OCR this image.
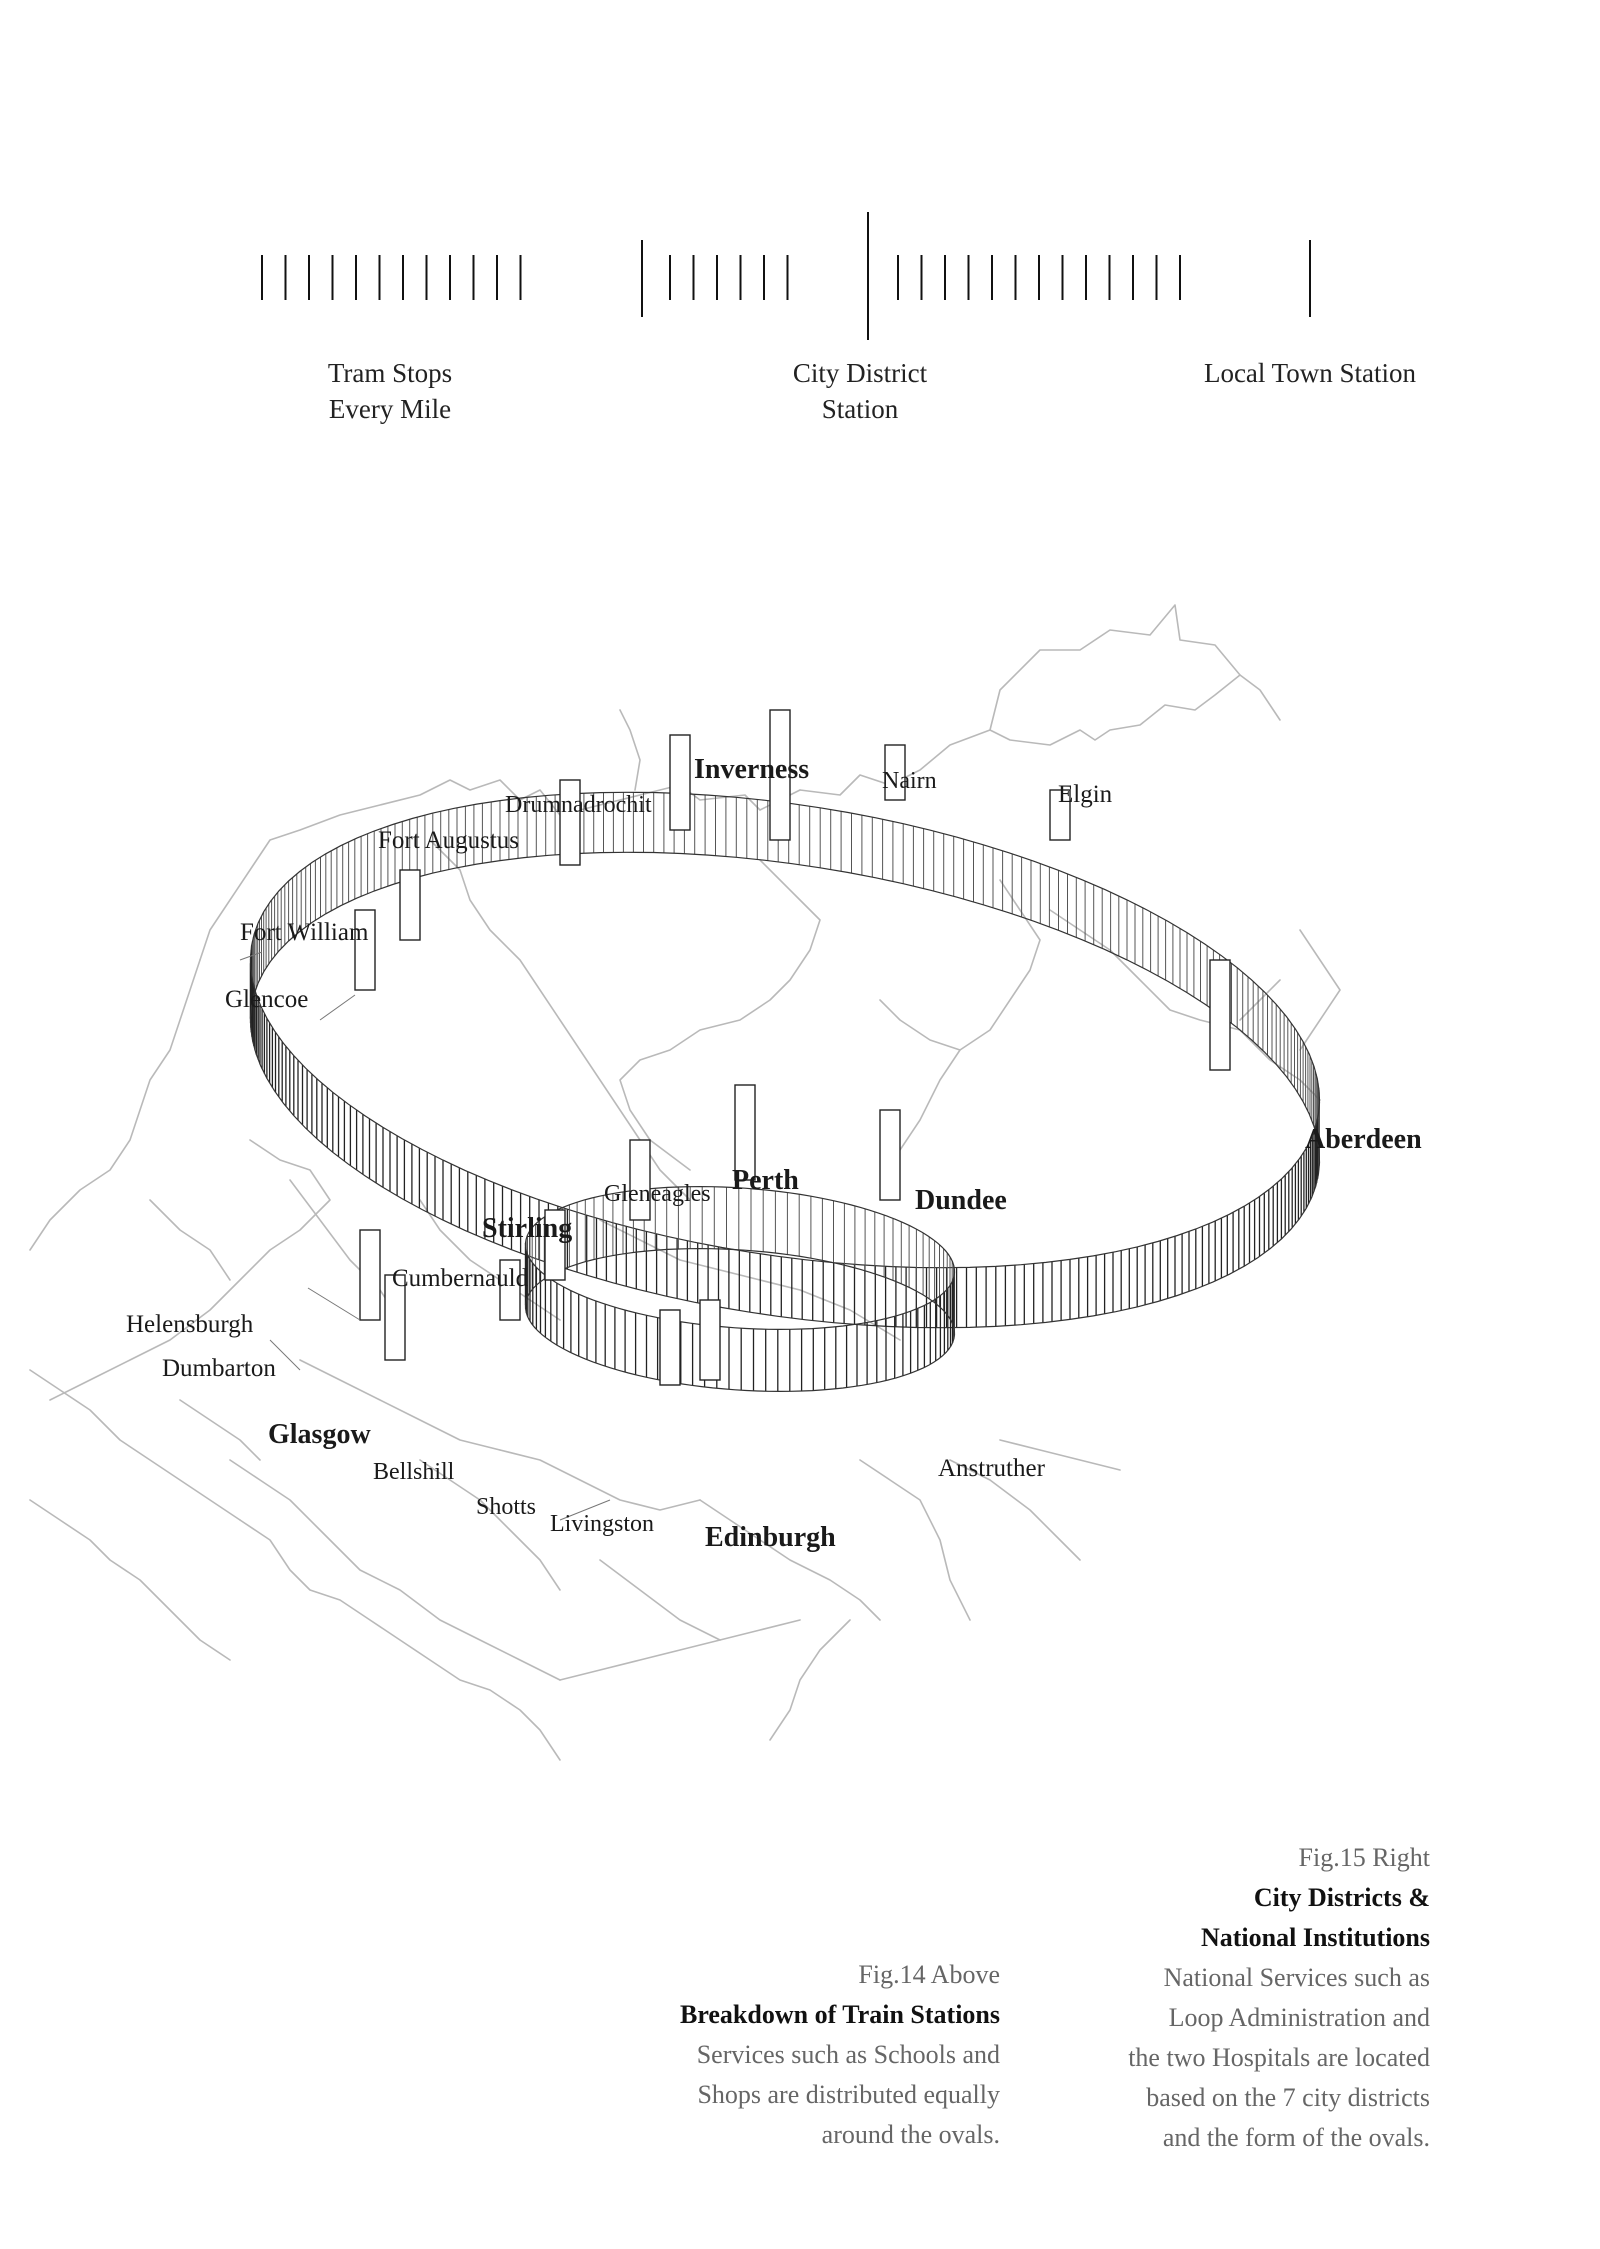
Tram Stops
Every Mile
City District
Station
Local Town Station
Inverness	Nairn	Elgin
Drumnadrochit
Fort Augustus
Fort William
Glencoe
Aberdeen
Perth
Gleneagles	Dundee
Stirling
Cumbernauld
Helensburgh
Dumbarton
Glasgow
Bellshill
Shotts
Livingston Edinburgh
Anstruther
Fig.14 Above
Breakdown of Train Stations
Services such as Schools and
Shops are distributed equally
around the ovals.
Fig.15 Right
City Districts &
National Institutions
National Services such as
Loop Administration and
the two Hospitals are located
based on the 7 city districts
and the form of the ovals.
